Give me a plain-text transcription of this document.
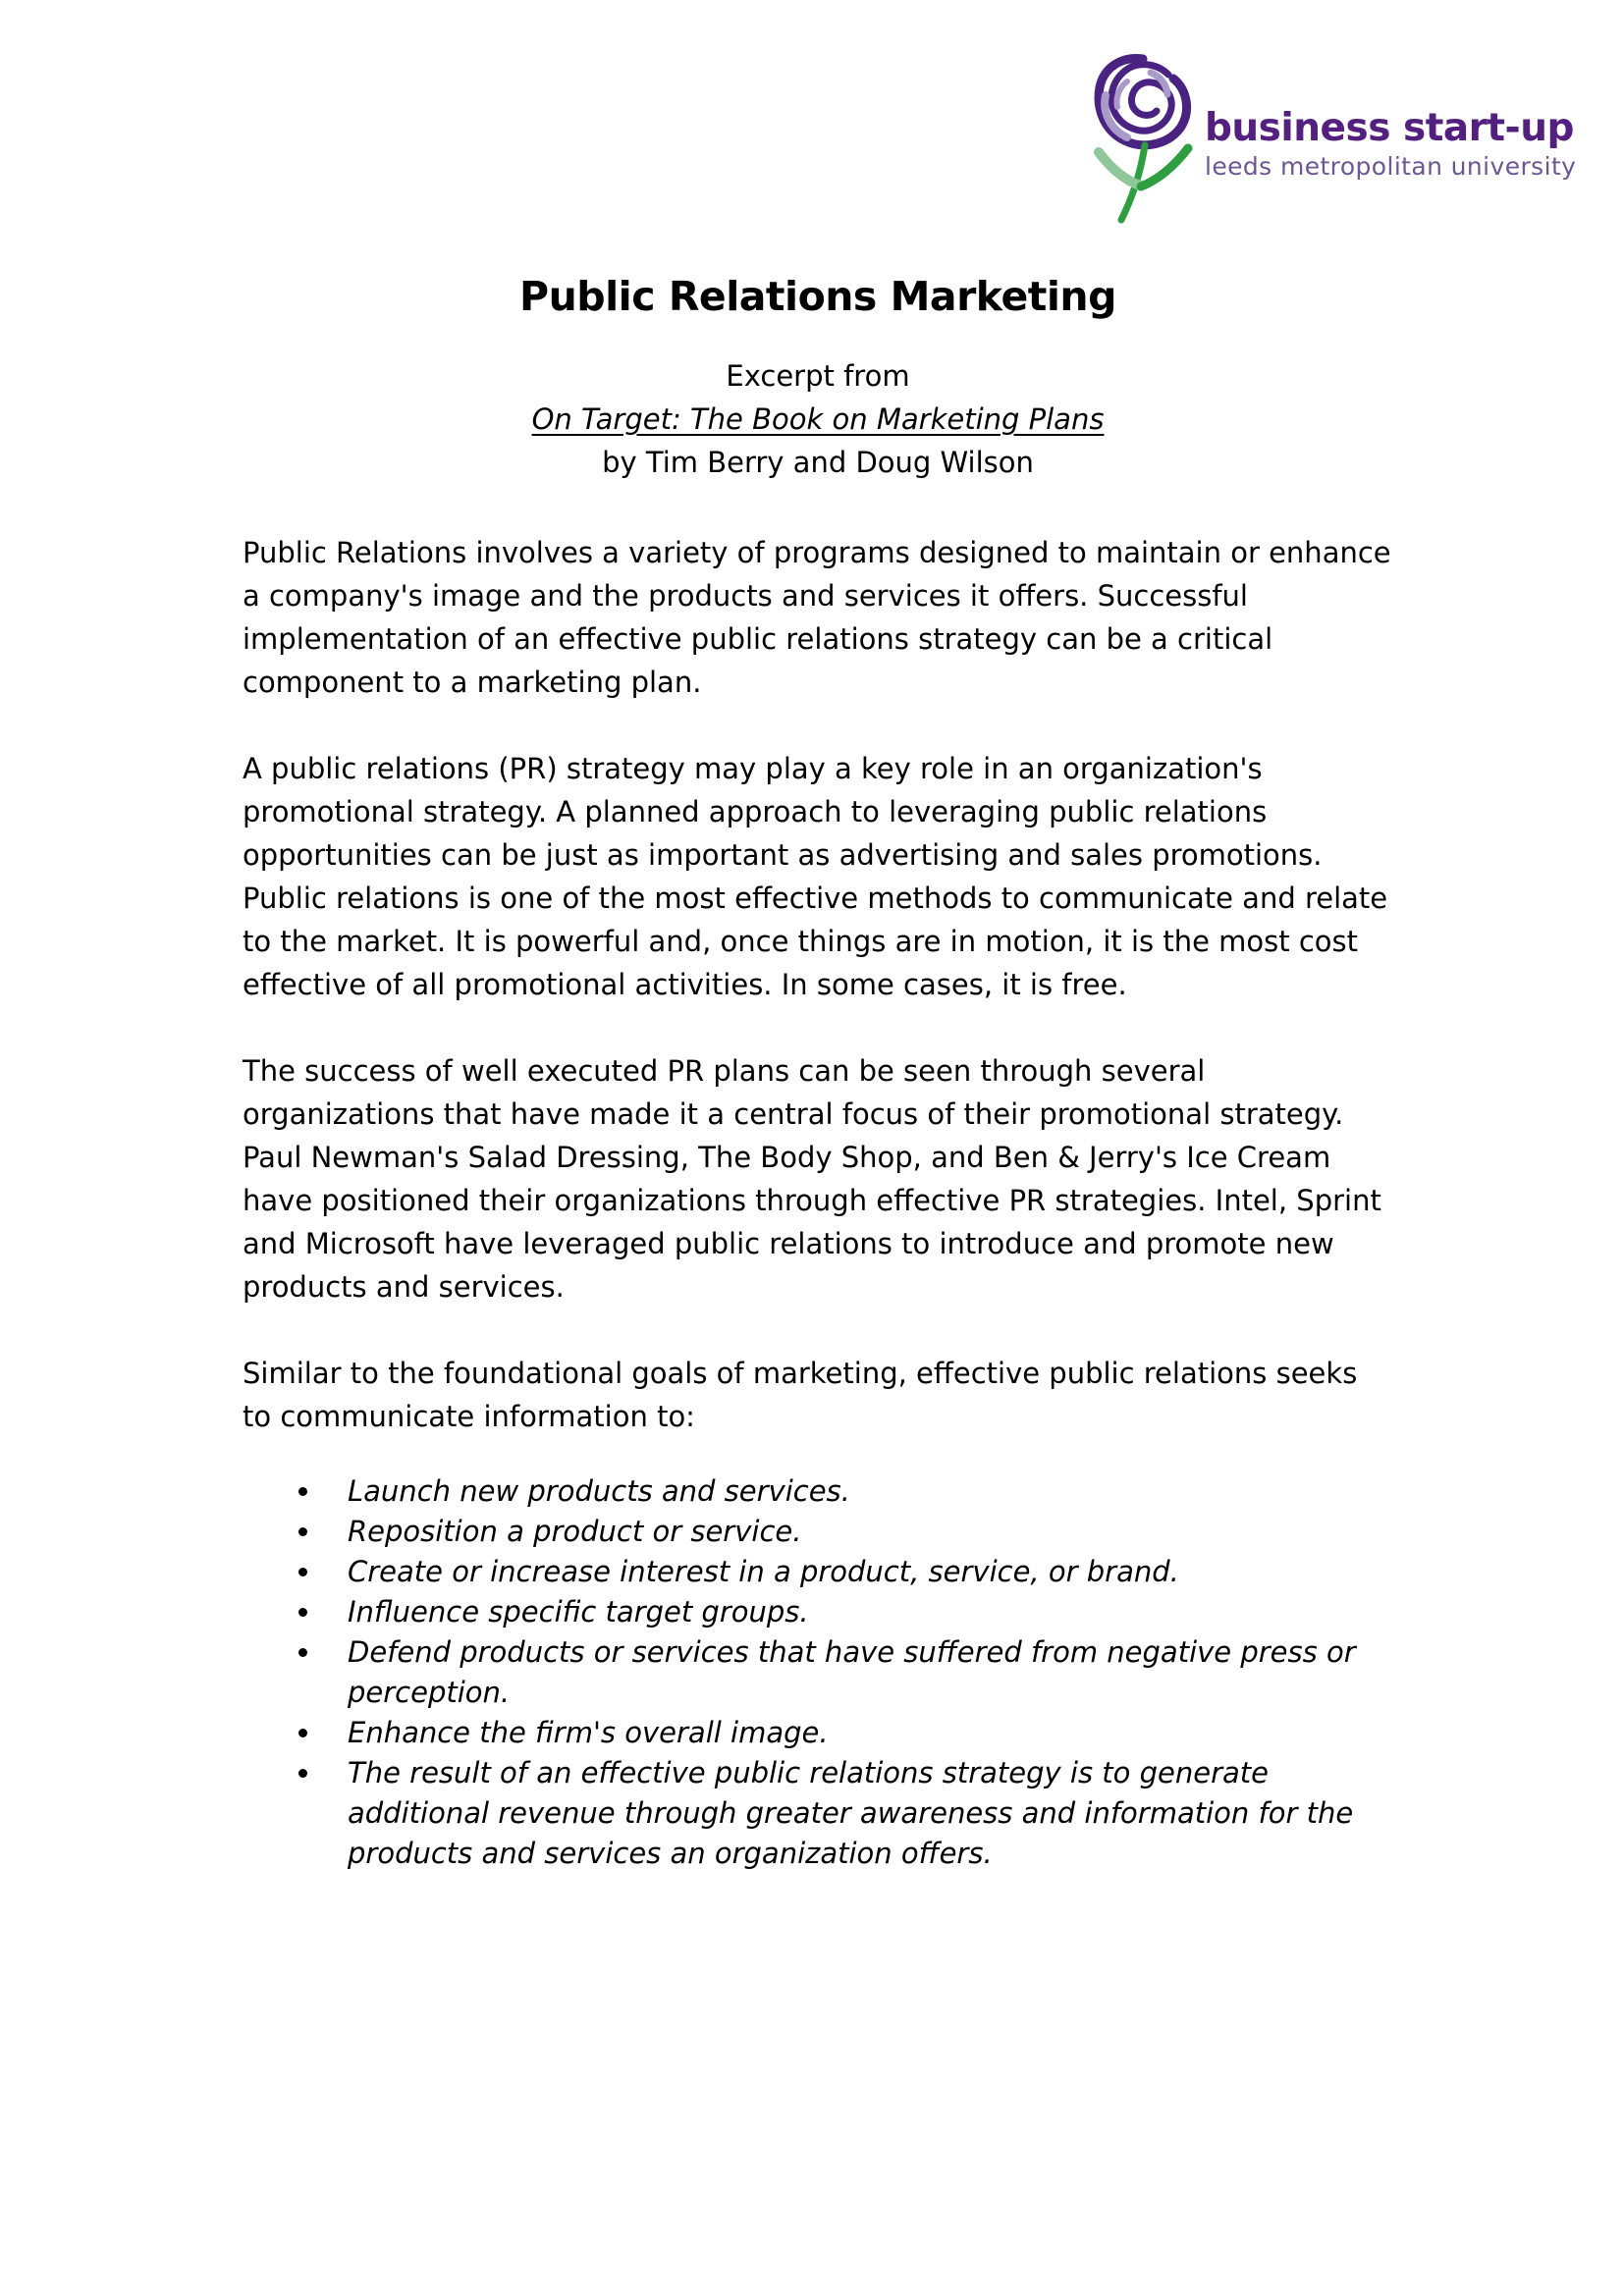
business start-up
leeds metropolitan university
Public Relations Marketing
Excerpt from
On Target: The Book on Marketing Plans
by Tim Berry and Doug Wilson

Public Relations involves a variety of programs designed to maintain or enhance a company's image and the products and services it offers. Successful implementation of an effective public relations strategy can be a critical component to a marketing plan.

A public relations (PR) strategy may play a key role in an organization's promotional strategy. A planned approach to leveraging public relations opportunities can be just as important as advertising and sales promotions. Public relations is one of the most effective methods to communicate and relate to the market. It is powerful and, once things are in motion, it is the most cost effective of all promotional activities. In some cases, it is free.

The success of well executed PR plans can be seen through several organizations that have made it a central focus of their promotional strategy. Paul Newman's Salad Dressing, The Body Shop, and Ben & Jerry's Ice Cream have positioned their organizations through effective PR strategies. Intel, Sprint and Microsoft have leveraged public relations to introduce and promote new products and services.

Similar to the foundational goals of marketing, effective public relations seeks to communicate information to:

Launch new products and services.
Reposition a product or service.
Create or increase interest in a product, service, or brand.
Influence specific target groups.
Defend products or services that have suffered from negative press or perception.
Enhance the firm's overall image.
The result of an effective public relations strategy is to generate additional revenue through greater awareness and information for the products and services an organization offers.
